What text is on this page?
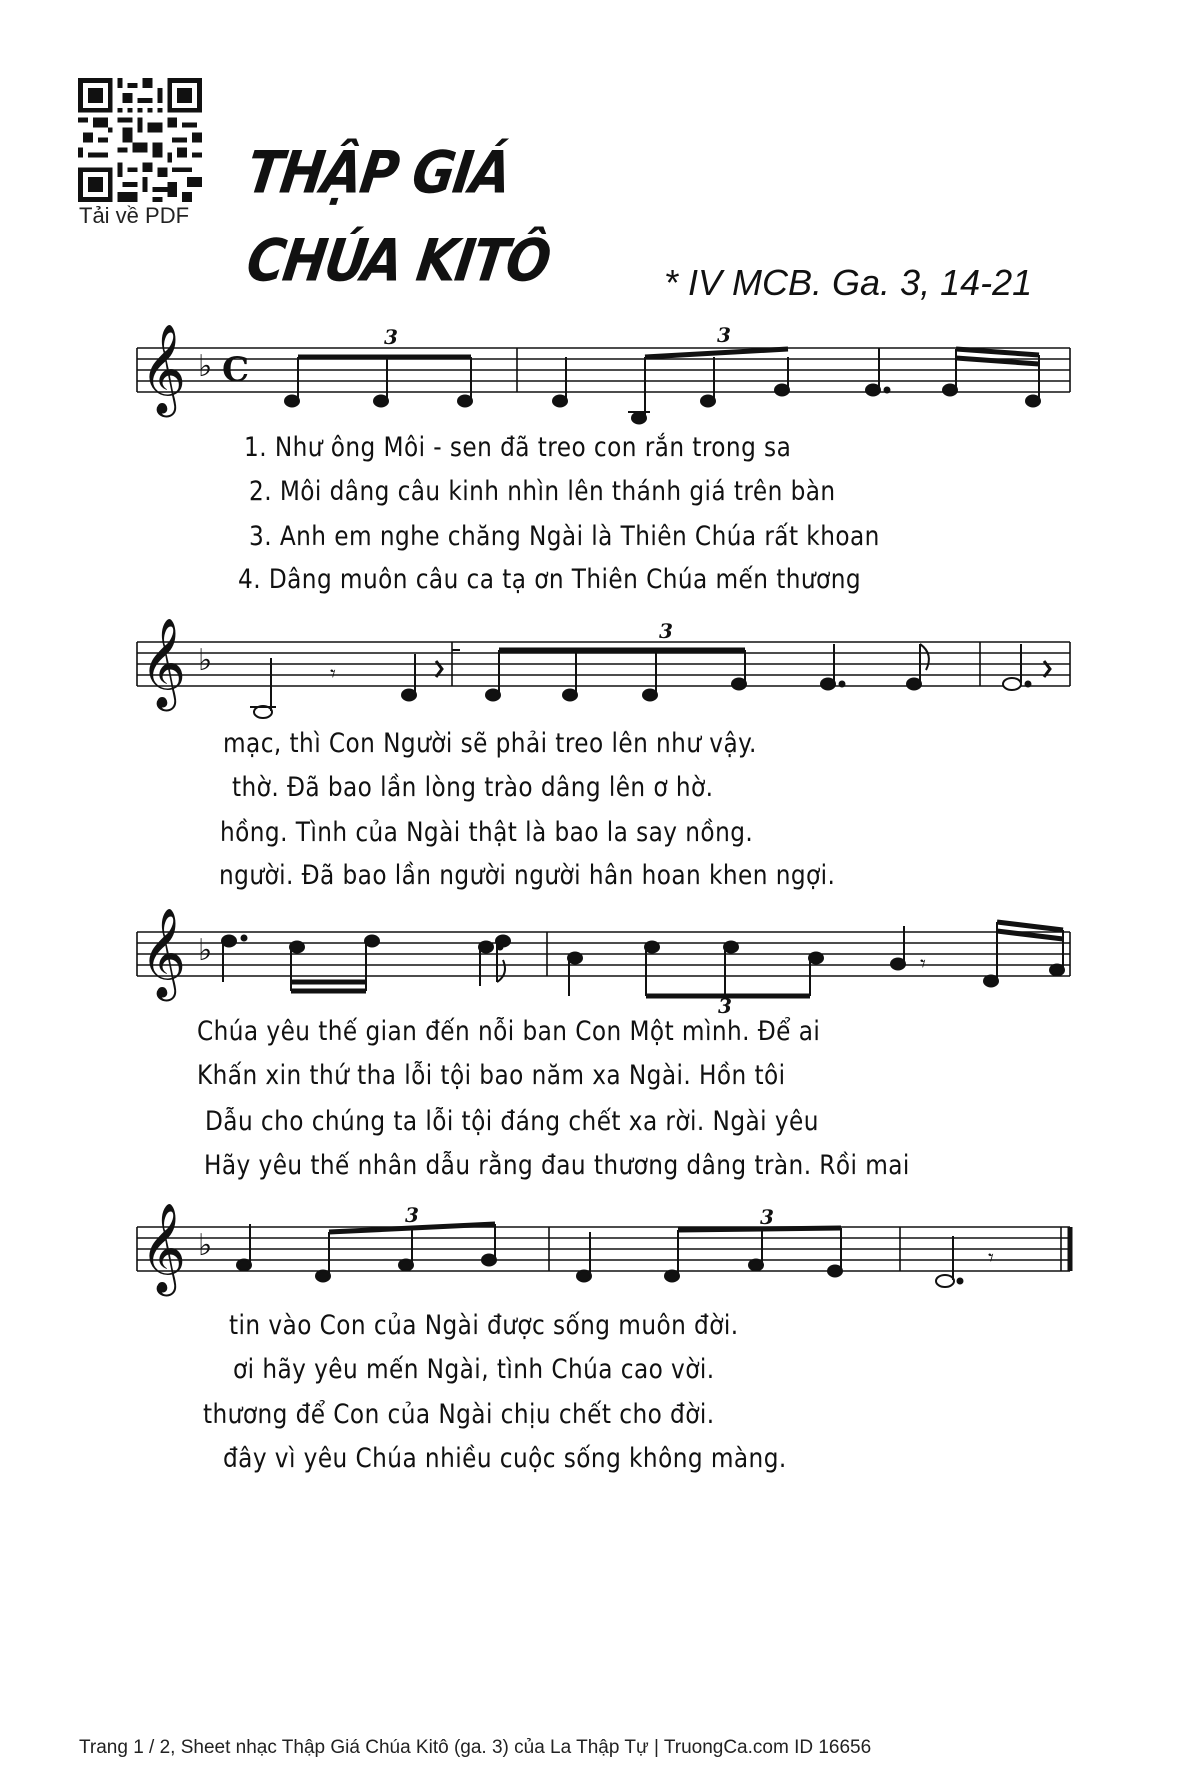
Tải về PDF
THẬP GIÁ
CHÚA KITÔ	* IV MCB. Ga. 3, 14-21
𝄞 ♭ C
3	3
1. Như ông Môi - sen đã treo con rắn trong sa
2. Môi dâng câu kinh nhìn lên thánh giá trên bàn
3. Anh em nghe chăng Ngài là Thiên Chúa rất khoan
4. Dâng muôn câu ca tạ ơn Thiên Chúa mến thương
𝄞 ♭	𝄾
3
mạc, thì Con Người sẽ phải treo lên như vậy.
thờ. Đã bao lần lòng trào dâng lên ơ hờ.
hồng. Tình của Ngài thật là bao la say nồng.
người. Đã bao lần người người hân hoan khen ngợi.
𝄞 ♭	𝄾
3
Chúa yêu thế gian đến nỗi ban Con Một mình. Để ai
Khấn xin thứ tha lỗi tội bao năm xa Ngài. Hồn tôi
Dẫu cho chúng ta lỗi tội đáng chết xa rời. Ngài yêu
Hãy yêu thế nhân dẫu rằng đau thương dâng tràn. Rồi mai
𝄞 ♭	𝄾
3	3
tin vào Con của Ngài được sống muôn đời.
ơi hãy yêu mến Ngài, tình Chúa cao vời.
thương để Con của Ngài chịu chết cho đời.
đây vì yêu Chúa nhiều cuộc sống không màng.
Trang 1 / 2, Sheet nhạc Thập Giá Chúa Kitô (ga. 3) của La Thập Tự | TruongCa.com ID 16656
